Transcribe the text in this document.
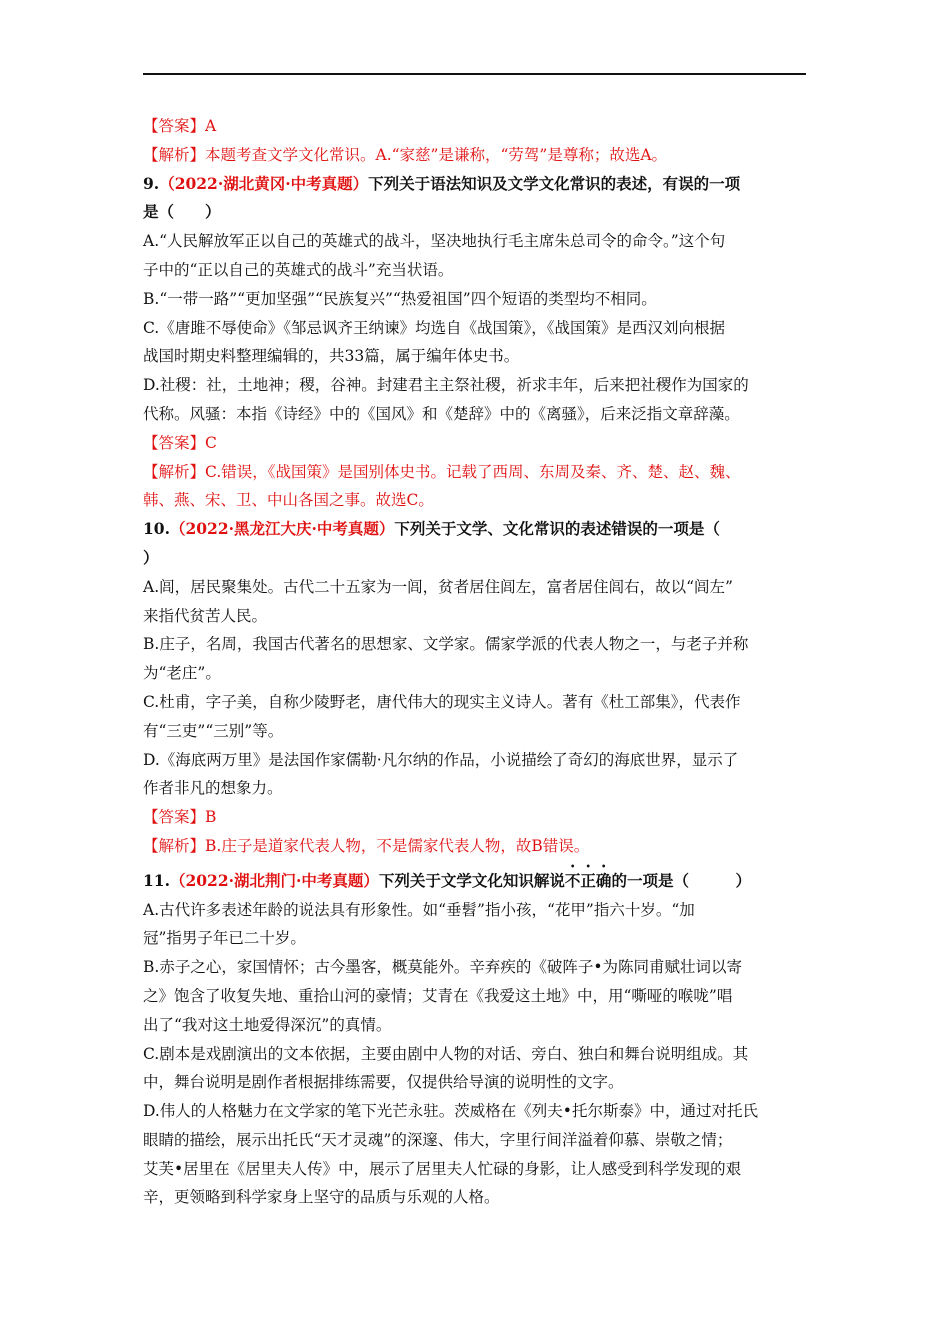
【答案】A
【解析】本题考查文学文化常识。A.“家慈”是谦称，“劳驾”是尊称；故选A。
9.（2022·湖北黄冈·中考真题）下列关于语法知识及文学文化常识的表述，有误的一项
是（　　）
A.“人民解放军正以自己的英雄式的战斗，坚决地执行毛主席朱总司令的命令。”这个句
子中的“正以自己的英雄式的战斗”充当状语。
B.“一带一路”“更加坚强”“民族复兴”“热爱祖国”四个短语的类型均不相同。
C.《唐雎不辱使命》《邹忌讽齐王纳谏》均选自《战国策》，《战国策》是西汉刘向根据
战国时期史料整理编辑的，共33篇，属于编年体史书。
D.社稷：社，土地神；稷，谷神。封建君主主祭社稷，祈求丰年，后来把社稷作为国家的
代称。风骚：本指《诗经》中的《国风》和《楚辞》中的《离骚》，后来泛指文章辞藻。
【答案】C
【解析】C.错误，《战国策》是国别体史书。记载了西周、东周及秦、齐、楚、赵、魏、
韩、燕、宋、卫、中山各国之事。故选C。
10.（2022·黑龙江大庆·中考真题）下列关于文学、文化常识的表述错误的一项是（
）
A.闾，居民聚集处。古代二十五家为一闾，贫者居住闾左，富者居住闾右，故以“闾左”
来指代贫苦人民。
B.庄子，名周，我国古代著名的思想家、文学家。儒家学派的代表人物之一，与老子并称
为“老庄”。
C.杜甫，字子美，自称少陵野老，唐代伟大的现实主义诗人。著有《杜工部集》，代表作
有“三吏”“三别”等。
D.《海底两万里》是法国作家儒勒·凡尔纳的作品，小说描绘了奇幻的海底世界，显示了
作者非凡的想象力。
【答案】B
【解析】B.庄子是道家代表人物，不是儒家代表人物，故B错误。
11.（2022·湖北荆门·中考真题）下列关于文学文化知识解说不正确的一项是（　　　）
A.古代许多表述年龄的说法具有形象性。如“垂髫”指小孩，“花甲”指六十岁。“加
冠”指男子年已二十岁。
B.赤子之心，家国情怀；古今墨客，概莫能外。辛弃疾的《破阵子•为陈同甫赋壮词以寄
之》饱含了收复失地、重拾山河的豪情；艾青在《我爱这土地》中，用“嘶哑的喉咙”唱
出了“我对这土地爱得深沉”的真情。
C.剧本是戏剧演出的文本依据，主要由剧中人物的对话、旁白、独白和舞台说明组成。其
中，舞台说明是剧作者根据排练需要，仅提供给导演的说明性的文字。
D.伟人的人格魅力在文学家的笔下光芒永驻。茨威格在《列夫•托尔斯泰》中，通过对托氏
眼睛的描绘，展示出托氏“天才灵魂”的深邃、伟大，字里行间洋溢着仰慕、崇敬之情；
艾芙•居里在《居里夫人传》中，展示了居里夫人忙碌的身影，让人感受到科学发现的艰
辛，更领略到科学家身上坚守的品质与乐观的人格。
